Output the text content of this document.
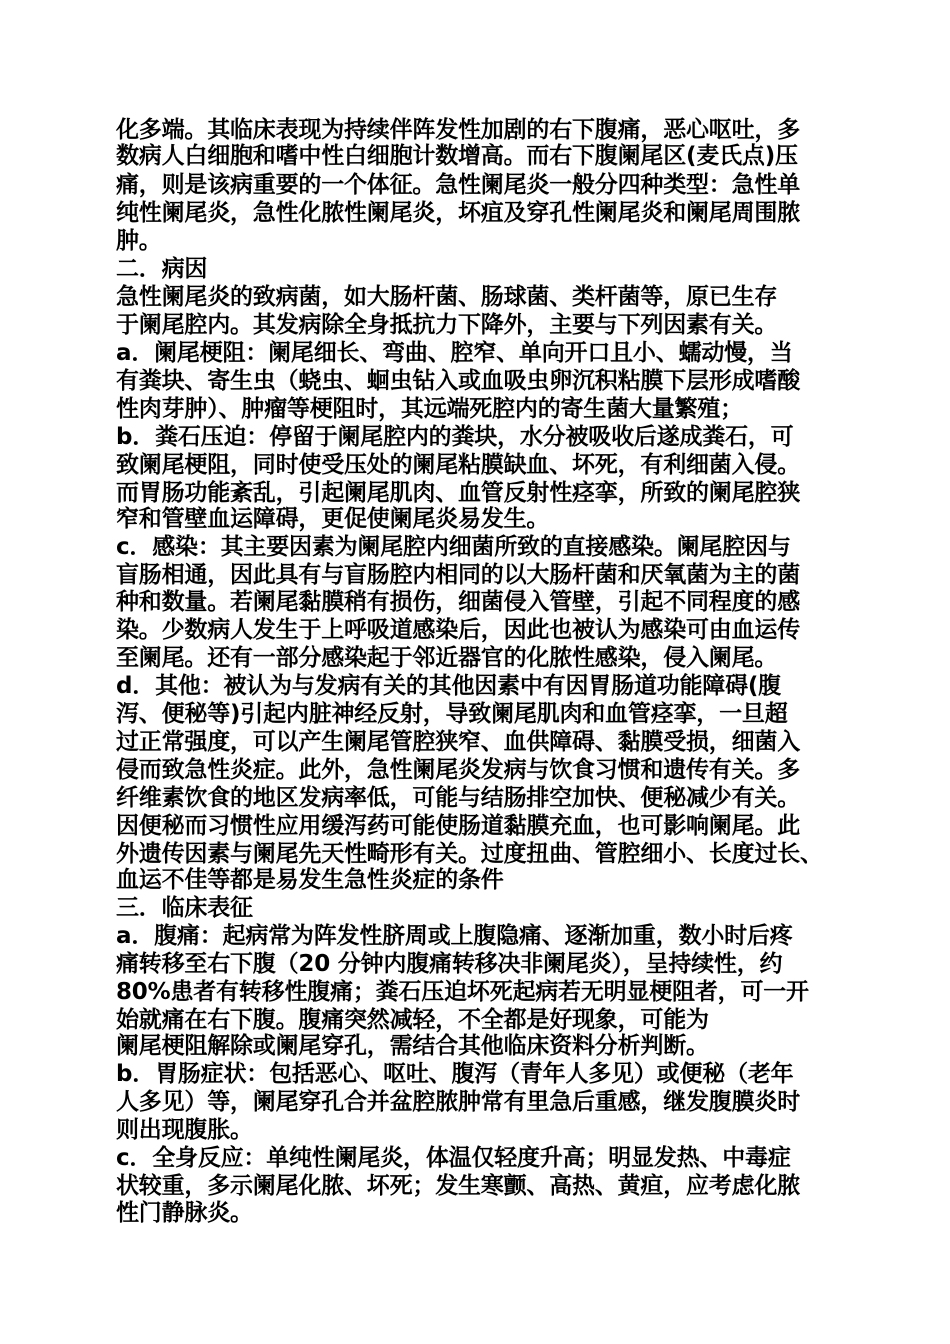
化多端。其临床表现为持续伴阵发性加剧的右下腹痛，恶心呕吐，多
数病人白细胞和嗜中性白细胞计数增高。而右下腹阑尾区(麦氏点)压
痛，则是该病重要的一个体征。急性阑尾炎一般分四种类型：急性单
纯性阑尾炎，急性化脓性阑尾炎，坏疽及穿孔性阑尾炎和阑尾周围脓
肿。
二．病因
急性阑尾炎的致病菌，如大肠杆菌、肠球菌、类杆菌等，原已生存
于阑尾腔内。其发病除全身抵抗力下降外，主要与下列因素有关。
a．阑尾梗阻：阑尾细长、弯曲、腔窄、单向开口且小、蠕动慢，当
有粪块、寄生虫（蛲虫、蛔虫钻入或血吸虫卵沉积粘膜下层形成嗜酸
性肉芽肿）、肿瘤等梗阻时，其远端死腔内的寄生菌大量繁殖；
b．粪石压迫：停留于阑尾腔内的粪块，水分被吸收后遂成粪石，可
致阑尾梗阻，同时使受压处的阑尾粘膜缺血、坏死，有利细菌入侵。
而胃肠功能紊乱，引起阑尾肌肉、血管反射性痉挛，所致的阑尾腔狭
窄和管壁血运障碍，更促使阑尾炎易发生。
c．感染：其主要因素为阑尾腔内细菌所致的直接感染。阑尾腔因与
盲肠相通，因此具有与盲肠腔内相同的以大肠杆菌和厌氧菌为主的菌
种和数量。若阑尾黏膜稍有损伤，细菌侵入管壁，引起不同程度的感
染。少数病人发生于上呼吸道感染后，因此也被认为感染可由血运传
至阑尾。还有一部分感染起于邻近器官的化脓性感染，侵入阑尾。
d．其他：被认为与发病有关的其他因素中有因胃肠道功能障碍(腹
泻、便秘等)引起内脏神经反射，导致阑尾肌肉和血管痉挛，一旦超
过正常强度，可以产生阑尾管腔狭窄、血供障碍、黏膜受损，细菌入
侵而致急性炎症。此外，急性阑尾炎发病与饮食习惯和遗传有关。多
纤维素饮食的地区发病率低，可能与结肠排空加快、便秘减少有关。
因便秘而习惯性应用缓泻药可能使肠道黏膜充血，也可影响阑尾。此
外遗传因素与阑尾先天性畸形有关。过度扭曲、管腔细小、长度过长、
血运不佳等都是易发生急性炎症的条件
三．临床表征
a．腹痛：起病常为阵发性脐周或上腹隐痛、逐渐加重，数小时后疼
痛转移至右下腹（20 分钟内腹痛转移决非阑尾炎），呈持续性，约
80%患者有转移性腹痛；粪石压迫坏死起病若无明显梗阻者，可一开
始就痛在右下腹。腹痛突然减轻，不全都是好现象，可能为
阑尾梗阻解除或阑尾穿孔，需结合其他临床资料分析判断。
b．胃肠症状：包括恶心、呕吐、腹泻（青年人多见）或便秘（老年
人多见）等，阑尾穿孔合并盆腔脓肿常有里急后重感，继发腹膜炎时
则出现腹胀。
c．全身反应：单纯性阑尾炎，体温仅轻度升高；明显发热、中毒症
状较重，多示阑尾化脓、坏死；发生寒颤、高热、黄疸，应考虑化脓
性门静脉炎。
